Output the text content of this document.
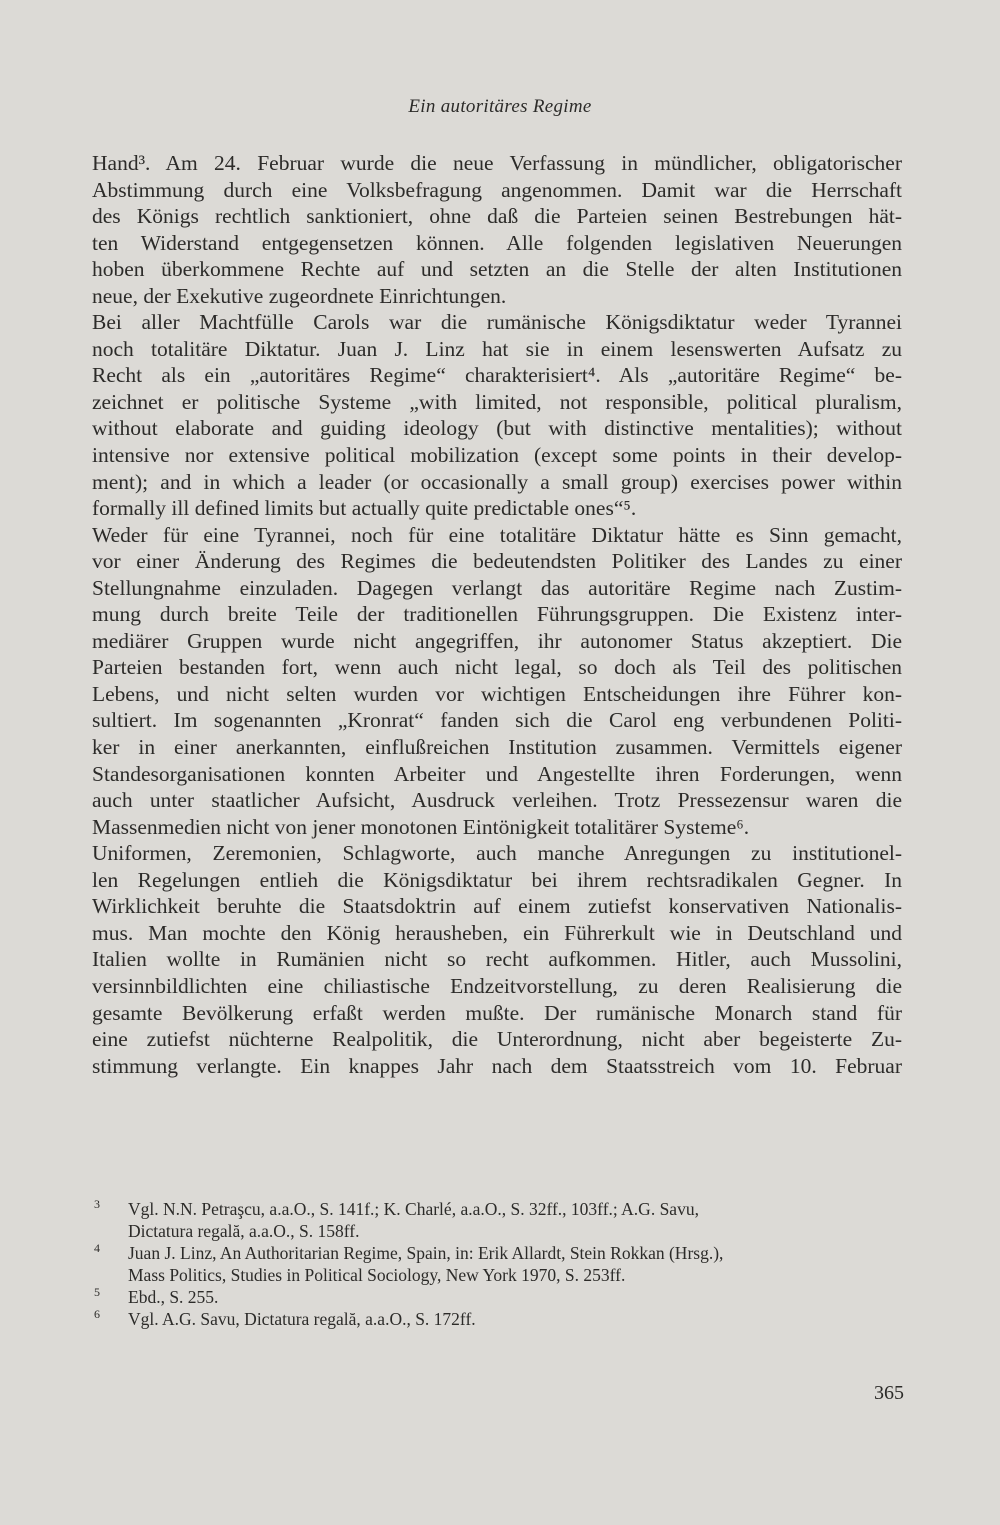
Ein autoritäres Regime
Hand³. Am 24. Februar wurde die neue Verfassung in mündlicher, obligatorischer
Abstimmung durch eine Volksbefragung angenommen. Damit war die Herrschaft
des Königs rechtlich sanktioniert, ohne daß die Parteien seinen Bestrebungen hät-
ten Widerstand entgegensetzen können. Alle folgenden legislativen Neuerungen
hoben überkommene Rechte auf und setzten an die Stelle der alten Institutionen
neue, der Exekutive zugeordnete Einrichtungen.
Bei aller Machtfülle Carols war die rumänische Königsdiktatur weder Tyrannei
noch totalitäre Diktatur. Juan J. Linz hat sie in einem lesenswerten Aufsatz zu
Recht als ein „autoritäres Regime“ charakterisiert⁴. Als „autoritäre Regime“ be-
zeichnet er politische Systeme „with limited, not responsible, political pluralism,
without elaborate and guiding ideology (but with distinctive mentalities); without
intensive nor extensive political mobilization (except some points in their develop-
ment); and in which a leader (or occasionally a small group) exercises power within
formally ill defined limits but actually quite predictable ones“⁵.
Weder für eine Tyrannei, noch für eine totalitäre Diktatur hätte es Sinn gemacht,
vor einer Änderung des Regimes die bedeutendsten Politiker des Landes zu einer
Stellungnahme einzuladen. Dagegen verlangt das autoritäre Regime nach Zustim-
mung durch breite Teile der traditionellen Führungsgruppen. Die Existenz inter-
mediärer Gruppen wurde nicht angegriffen, ihr autonomer Status akzeptiert. Die
Parteien bestanden fort, wenn auch nicht legal, so doch als Teil des politischen
Lebens, und nicht selten wurden vor wichtigen Entscheidungen ihre Führer kon-
sultiert. Im sogenannten „Kronrat“ fanden sich die Carol eng verbundenen Politi-
ker in einer anerkannten, einflußreichen Institution zusammen. Vermittels eigener
Standesorganisationen konnten Arbeiter und Angestellte ihren Forderungen, wenn
auch unter staatlicher Aufsicht, Ausdruck verleihen. Trotz Pressezensur waren die
Massenmedien nicht von jener monotonen Eintönigkeit totalitärer Systeme⁶.
Uniformen, Zeremonien, Schlagworte, auch manche Anregungen zu institutionel-
len Regelungen entlieh die Königsdiktatur bei ihrem rechtsradikalen Gegner. In
Wirklichkeit beruhte die Staatsdoktrin auf einem zutiefst konservativen Nationalis-
mus. Man mochte den König herausheben, ein Führerkult wie in Deutschland und
Italien wollte in Rumänien nicht so recht aufkommen. Hitler, auch Mussolini,
versinnbildlichten eine chiliastische Endzeitvorstellung, zu deren Realisierung die
gesamte Bevölkerung erfaßt werden mußte. Der rumänische Monarch stand für
eine zutiefst nüchterne Realpolitik, die Unterordnung, nicht aber begeisterte Zu-
stimmung verlangte. Ein knappes Jahr nach dem Staatsstreich vom 10. Februar
3 Vgl. N.N. Petraşcu, a.a.O., S. 141f.; K. Charlé, a.a.O., S. 32ff., 103ff.; A.G. Savu,
Dictatura regală, a.a.O., S. 158ff.
4 Juan J. Linz, An Authoritarian Regime, Spain, in: Erik Allardt, Stein Rokkan (Hrsg.),
Mass Politics, Studies in Political Sociology, New York 1970, S. 253ff.
5 Ebd., S. 255.
6 Vgl. A.G. Savu, Dictatura regală, a.a.O., S. 172ff.
365
